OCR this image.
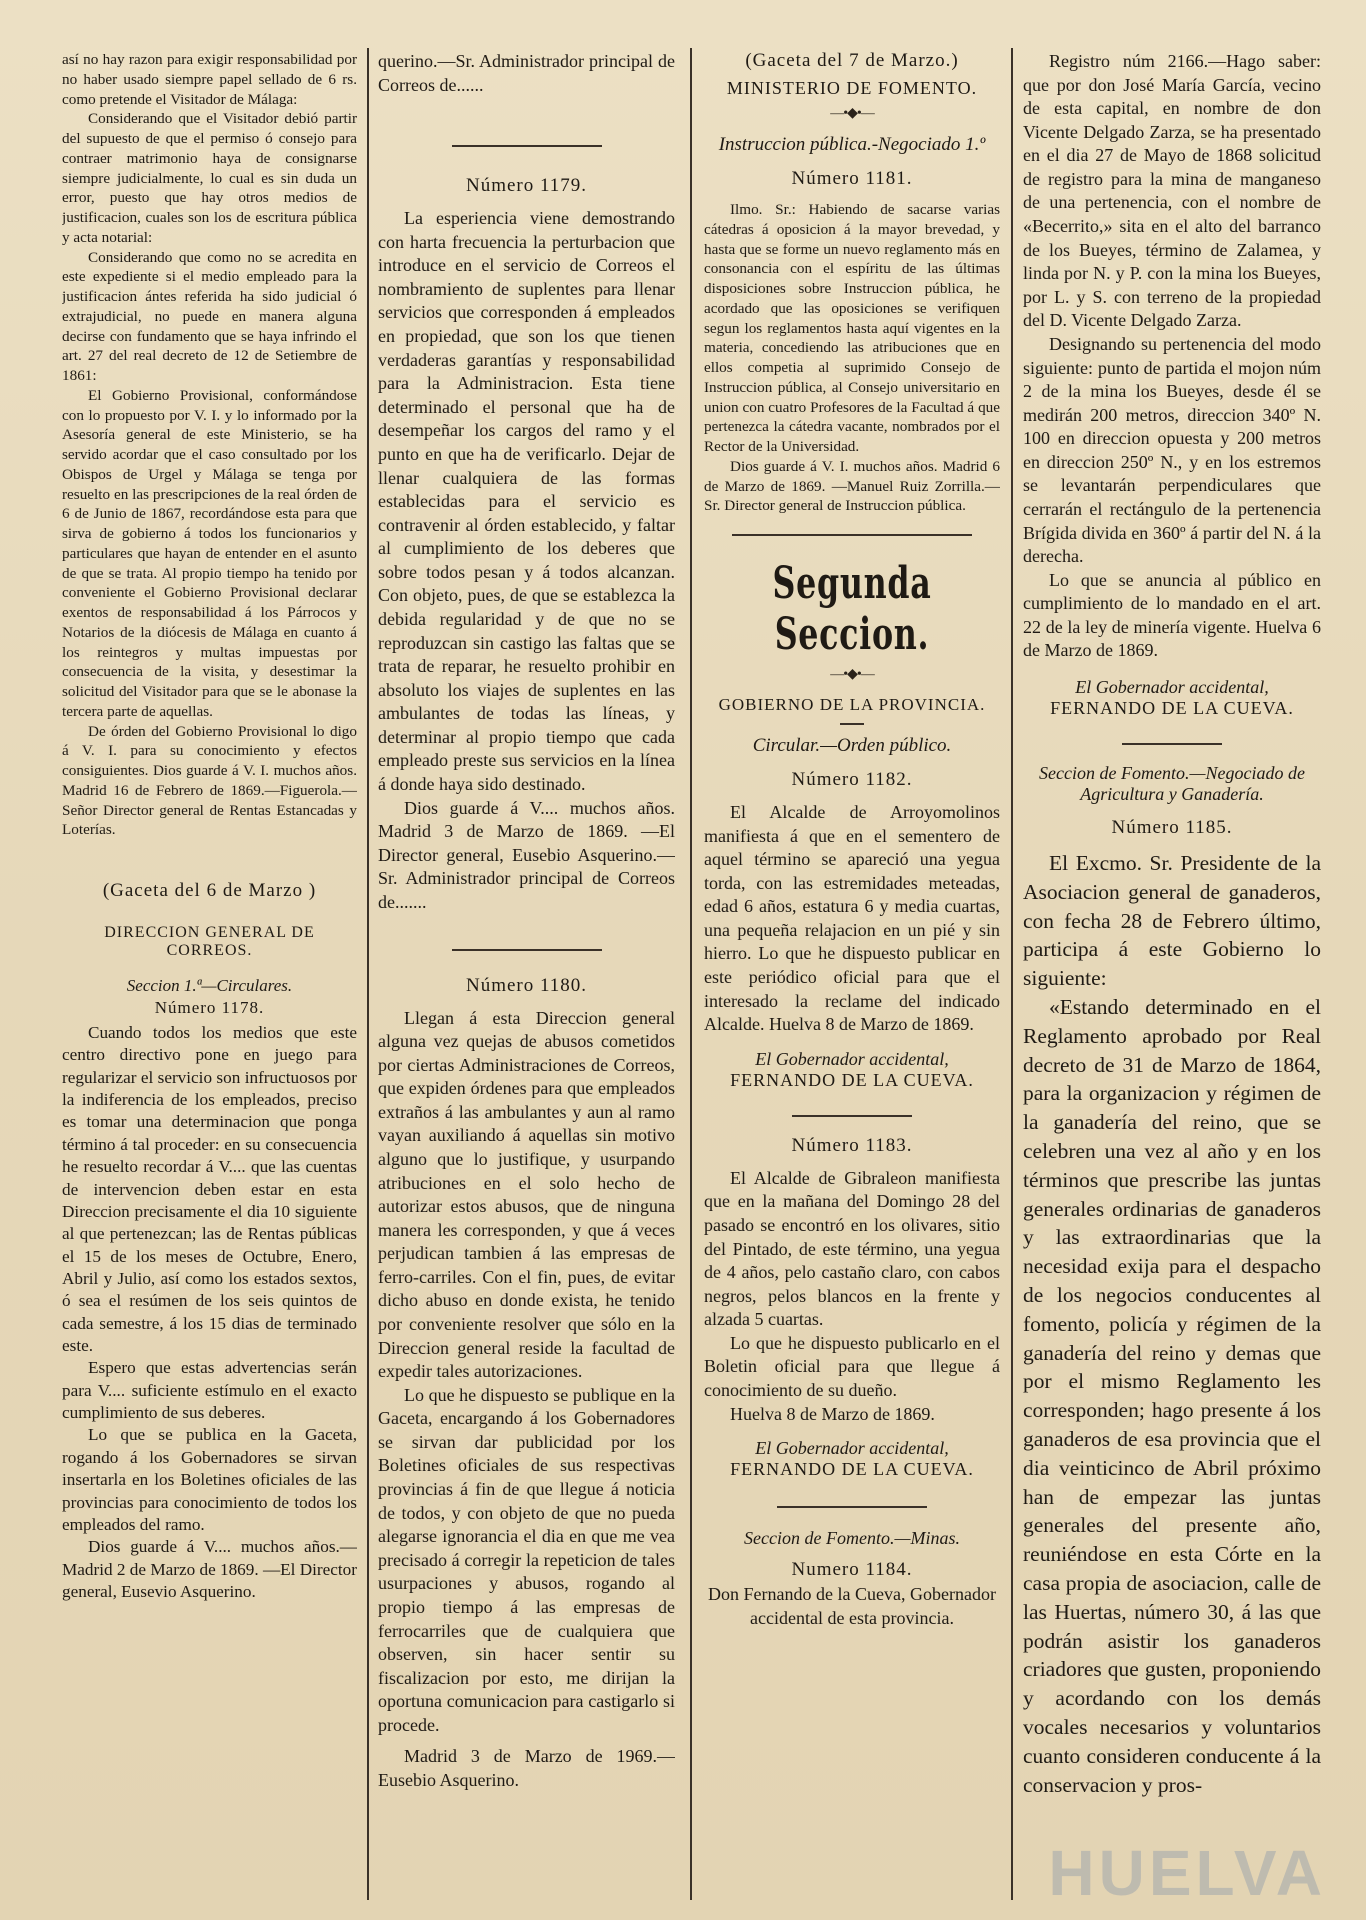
así no hay razon para exigir responsabilidad por no haber usado siempre papel sellado de 6 rs. como pretende el Visitador de Málaga:

Considerando que el Visitador debió partir del supuesto de que el permiso ó consejo para contraer matrimonio haya de consignarse siempre judicialmente, lo cual es sin duda un error, puesto que hay otros medios de justificacion, cuales son los de escritura pública y acta notarial:

Considerando que como no se acredita en este expediente si el medio empleado para la justificacion ántes referida ha sido judicial ó extrajudicial, no puede en manera alguna decirse con fundamento que se haya infrindo el art. 27 del real decreto de 12 de Setiembre de 1861:

El Gobierno Provisional, conformándose con lo propuesto por V. I. y lo informado por la Asesoría general de este Ministerio, se ha servido acordar que el caso consultado por los Obispos de Urgel y Málaga se tenga por resuelto en las prescripciones de la real órden de 6 de Junio de 1867, recordándose esta para que sirva de gobierno á todos los funcionarios y particulares que hayan de entender en el asunto de que se trata. Al propio tiempo ha tenido por conveniente el Gobierno Provisional declarar exentos de responsabilidad á los Párrocos y Notarios de la diócesis de Málaga en cuanto á los reintegros y multas impuestas por consecuencia de la visita, y desestimar la solicitud del Visitador para que se le abonase la tercera parte de aquellas.

De órden del Gobierno Provisional lo digo á V. I. para su conocimiento y efectos consiguientes. Dios guarde á V. I. muchos años. Madrid 16 de Febrero de 1869.—Figuerola.—Señor Director general de Rentas Estancadas y Loterías.

(Gaceta del 6 de Marzo )
DIRECCION GENERAL DE CORREOS.
Seccion 1.ª—Circulares.
Número 1178.

Cuando todos los medios que este centro directivo pone en juego para regularizar el servicio son infructuosos por la indiferencia de los empleados, preciso es tomar una determinacion que ponga término á tal proceder: en su consecuencia he resuelto recordar á V.... que las cuentas de intervencion deben estar en esta Direccion precisamente el dia 10 siguiente al que pertenezcan; las de Rentas públicas el 15 de los meses de Octubre, Enero, Abril y Julio, así como los estados sextos, ó sea el resúmen de los seis quintos de cada semestre, á los 15 dias de terminado este.

Espero que estas advertencias serán para V.... suficiente estímulo en el exacto cumplimiento de sus deberes.

Lo que se publica en la Gaceta, rogando á los Gobernadores se sirvan insertarla en los Boletines oficiales de las provincias para conocimiento de todos los empleados del ramo.

Dios guarde á V.... muchos años.—Madrid 2 de Marzo de 1869. —El Director general, Eusevio Asquerino.

querino.—Sr. Administrador principal de Correos de......

Número 1179.

La esperiencia viene demostrando con harta frecuencia la perturbacion que introduce en el servicio de Correos el nombramiento de suplentes para llenar servicios que corresponden á empleados en propiedad, que son los que tienen verdaderas garantías y responsabilidad para la Administracion. Esta tiene determinado el personal que ha de desempeñar los cargos del ramo y el punto en que ha de verificarlo. Dejar de llenar cualquiera de las formas establecidas para el servicio es contravenir al órden establecido, y faltar al cumplimiento de los deberes que sobre todos pesan y á todos alcanzan. Con objeto, pues, de que se establezca la debida regularidad y de que no se reproduzcan sin castigo las faltas que se trata de reparar, he resuelto prohibir en absoluto los viajes de suplentes en las ambulantes de todas las líneas, y determinar al propio tiempo que cada empleado preste sus servicios en la línea á donde haya sido destinado.

Dios guarde á V.... muchos años. Madrid 3 de Marzo de 1869. —El Director general, Eusebio Asquerino.—Sr. Administrador principal de Correos de.......

Número 1180.

Llegan á esta Direccion general alguna vez quejas de abusos cometidos por ciertas Administraciones de Correos, que expiden órdenes para que empleados extraños á las ambulantes y aun al ramo vayan auxiliando á aquellas sin motivo alguno que lo justifique, y usurpando atribuciones en el solo hecho de autorizar estos abusos, que de ninguna manera les corresponden, y que á veces perjudican tambien á las empresas de ferro-carriles. Con el fin, pues, de evitar dicho abuso en donde exista, he tenido por conveniente resolver que sólo en la Direccion general reside la facultad de expedir tales autorizaciones.

Lo que he dispuesto se publique en la Gaceta, encargando á los Gobernadores se sirvan dar publicidad por los Boletines oficiales de sus respectivas provincias á fin de que llegue á noticia de todos, y con objeto de que no pueda alegarse ignorancia el dia en que me vea precisado á corregir la repeticion de tales usurpaciones y abusos, rogando al propio tiempo á las empresas de ferrocarriles que de cualquiera que observen, sin hacer sentir su fiscalizacion por esto, me dirijan la oportuna comunicacion para castigarlo si procede.

Madrid 3 de Marzo de 1969.—Eusebio Asquerino.

(Gaceta del 7 de Marzo.)
MINISTERIO DE FOMENTO.
—•◆•—
Instruccion pública.-Negociado 1.º
Número 1181.

Ilmo. Sr.: Habiendo de sacarse varias cátedras á oposicion á la mayor brevedad, y hasta que se forme un nuevo reglamento más en consonancia con el espíritu de las últimas disposiciones sobre Instruccion pública, he acordado que las oposiciones se verifiquen segun los reglamentos hasta aquí vigentes en la materia, concediendo las atribuciones que en ellos competia al suprimido Consejo de Instruccion pública, al Consejo universitario en union con cuatro Profesores de la Facultad á que pertenezca la cátedra vacante, nombrados por el Rector de la Universidad.

Dios guarde á V. I. muchos años. Madrid 6 de Marzo de 1869. —Manuel Ruiz Zorrilla.—Sr. Director general de Instruccion pública.

Segunda Seccion.
—•◆•—
GOBIERNO DE LA PROVINCIA.
Circular.—Orden público.
Número 1182.

El Alcalde de Arroyomolinos manifiesta á que en el sementero de aquel término se apareció una yegua torda, con las estremidades meteadas, edad 6 años, estatura 6 y media cuartas, una pequeña relajacion en un pié y sin hierro. Lo que he dispuesto publicar en este periódico oficial para que el interesado la reclame del indicado Alcalde. Huelva 8 de Marzo de 1869.

El Gobernador accidental,
FERNANDO DE LA CUEVA.
Número 1183.

El Alcalde de Gibraleon manifiesta que en la mañana del Domingo 28 del pasado se encontró en los olivares, sitio del Pintado, de este término, una yegua de 4 años, pelo castaño claro, con cabos negros, pelos blancos en la frente y alzada 5 cuartas.

Lo que he dispuesto publicarlo en el Boletin oficial para que llegue á conocimiento de su dueño.

Huelva 8 de Marzo de 1869.

El Gobernador accidental,
FERNANDO DE LA CUEVA.
Seccion de Fomento.—Minas.
Numero 1184.

Don Fernando de la Cueva, Gobernador accidental de esta provincia.

Registro núm 2166.—Hago saber: que por don José María García, vecino de esta capital, en nombre de don Vicente Delgado Zarza, se ha presentado en el dia 27 de Mayo de 1868 solicitud de registro para la mina de manganeso de una pertenencia, con el nombre de «Becerrito,» sita en el alto del barranco de los Bueyes, término de Zalamea, y linda por N. y P. con la mina los Bueyes, por L. y S. con terreno de la propiedad del D. Vicente Delgado Zarza.

Designando su pertenencia del modo siguiente: punto de partida el mojon núm 2 de la mina los Bueyes, desde él se medirán 200 metros, direccion 340º N. 100 en direccion opuesta y 200 metros en direccion 250º N., y en los estremos se levantarán perpendiculares que cerrarán el rectángulo de la pertenencia Brígida divida en 360º á partir del N. á la derecha.

Lo que se anuncia al público en cumplimiento de lo mandado en el art. 22 de la ley de minería vigente. Huelva 6 de Marzo de 1869.

El Gobernador accidental,
FERNANDO DE LA CUEVA.
Seccion de Fomento.—Negociado de Agricultura y Ganadería.
Número 1185.

El Excmo. Sr. Presidente de la Asociacion general de ganaderos, con fecha 28 de Febrero último, participa á este Gobierno lo siguiente:

«Estando determinado en el Reglamento aprobado por Real decreto de 31 de Marzo de 1864, para la organizacion y régimen de la ganadería del reino, que se celebren una vez al año y en los términos que prescribe las juntas generales ordinarias de ganaderos y las extraordinarias que la necesidad exija para el despacho de los negocios conducentes al fomento, policía y régimen de la ganadería del reino y demas que por el mismo Reglamento les corresponden; hago presente á los ganaderos de esa provincia que el dia veinticinco de Abril próximo han de empezar las juntas generales del presente año, reuniéndose en esta Córte en la casa propia de asociacion, calle de las Huertas, número 30, á las que podrán asistir los ganaderos criadores que gusten, proponiendo y acordando con los demás vocales necesarios y voluntarios cuanto consideren conducente á la conservacion y pros-

HUELVA
